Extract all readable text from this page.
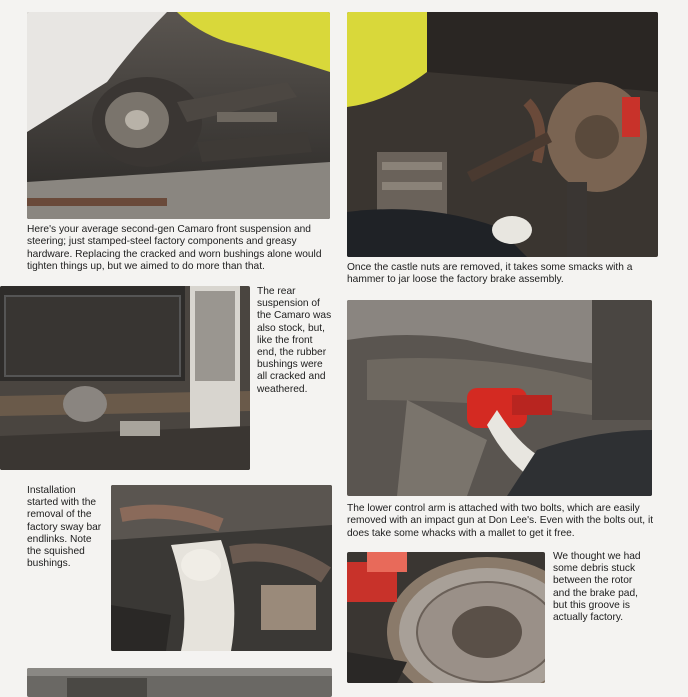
Here's your average second-gen Camaro front suspension and steering; just stamped-steel factory components and greasy hardware. Replacing the cracked and worn bushings alone would tighten things up, but we aimed to do more than that.	Once the castle nuts are removed, it takes some smacks with a hammer to jar loose the factory brake assembly.

The rear suspension of the Camaro was also stock, but, like the front end, the rubber bushings were all cracked and weathered.

Installation started with the removal of the factory sway bar endlinks. Note the squished bushings.

The lower control arm is attached with two bolts, which are easily removed with an impact gun at Don Lee's. Even with the bolts out, it does take some whacks with a mallet to get it free.

We thought we had some debris stuck between the rotor and the brake pad, but this groove is actually factory.
